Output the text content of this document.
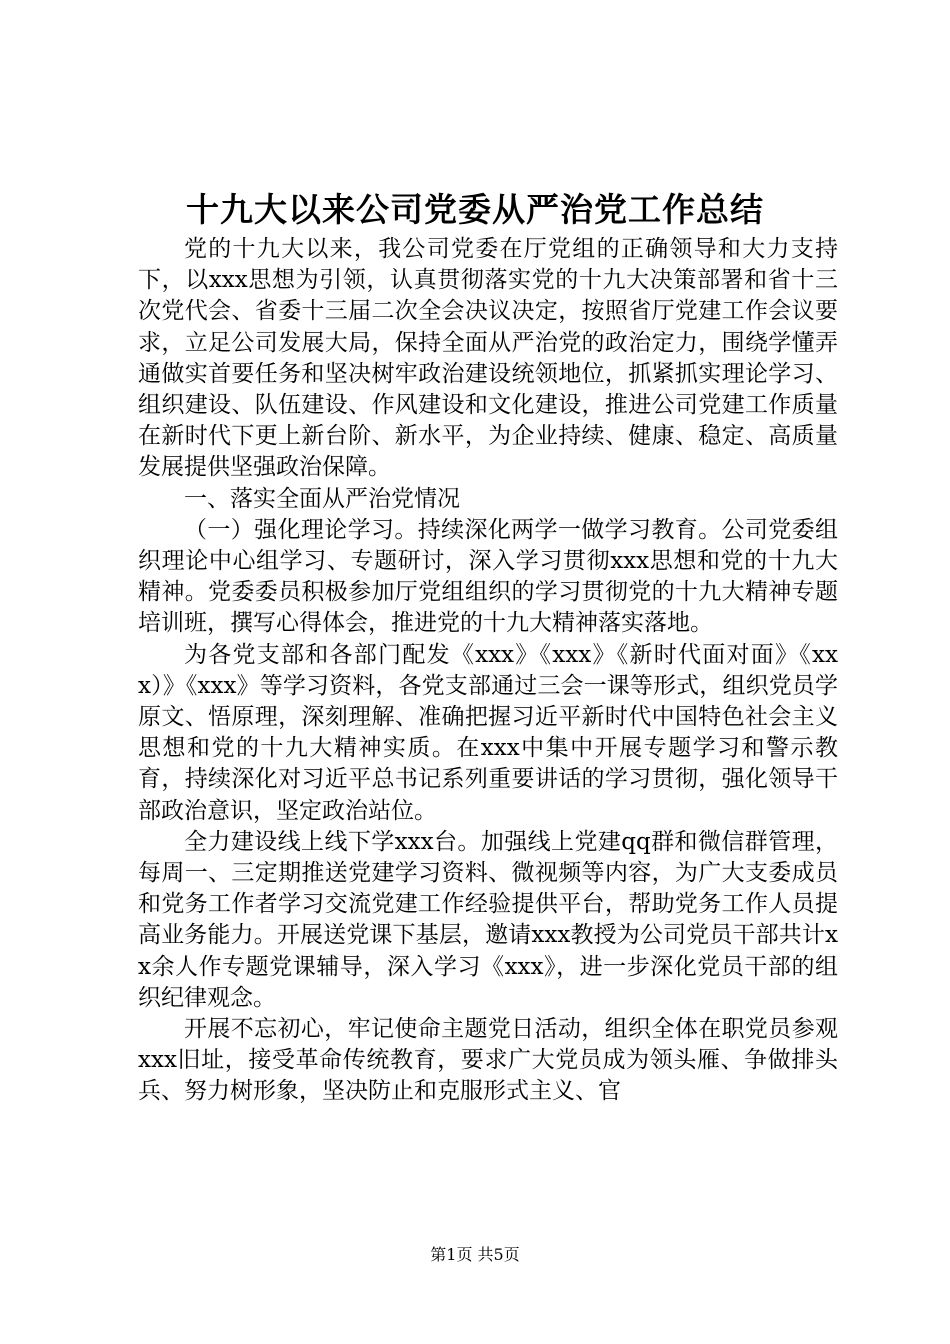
十九大以来公司党委从严治党工作总结

党的十九大以来，我公司党委在厅党组的正确领导和大力支持下，以xxx思想为引领，认真贯彻落实党的十九大决策部署和省十三次党代会、省委十三届二次全会决议决定，按照省厅党建工作会议要求，立足公司发展大局，保持全面从严治党的政治定力，围绕学懂弄通做实首要任务和坚决树牢政治建设统领地位，抓紧抓实理论学习、组织建设、队伍建设、作风建设和文化建设，推进公司党建工作质量在新时代下更上新台阶、新水平，为企业持续、健康、稳定、高质量发展提供坚强政治保障。

一、落实全面从严治党情况

（一）强化理论学习。持续深化两学一做学习教育。公司党委组织理论中心组学习、专题研讨，深入学习贯彻xxx思想和党的十九大精神。党委委员积极参加厅党组组织的学习贯彻党的十九大精神专题培训班，撰写心得体会，推进党的十九大精神落实落地。

为各党支部和各部门配发《xxx》《xxx》《新时代面对面》《xxx）》《xxx》等学习资料，各党支部通过三会一课等形式，组织党员学原文、悟原理，深刻理解、准确把握习近平新时代中国特色社会主义思想和党的十九大精神实质。在xxx中集中开展专题学习和警示教育，持续深化对习近平总书记系列重要讲话的学习贯彻，强化领导干部政治意识，坚定政治站位。

全力建设线上线下学xxx台。加强线上党建qq群和微信群管理，每周一、三定期推送党建学习资料、微视频等内容，为广大支委成员和党务工作者学习交流党建工作经验提供平台，帮助党务工作人员提高业务能力。开展送党课下基层，邀请xxx教授为公司党员干部共计xx余人作专题党课辅导，深入学习《xxx》，进一步深化党员干部的组织纪律观念。

开展不忘初心，牢记使命主题党日活动，组织全体在职党员参观xxx旧址，接受革命传统教育，要求广大党员成为领头雁、争做排头兵、努力树形象，坚决防止和克服形式主义、官

第1页 共5页
